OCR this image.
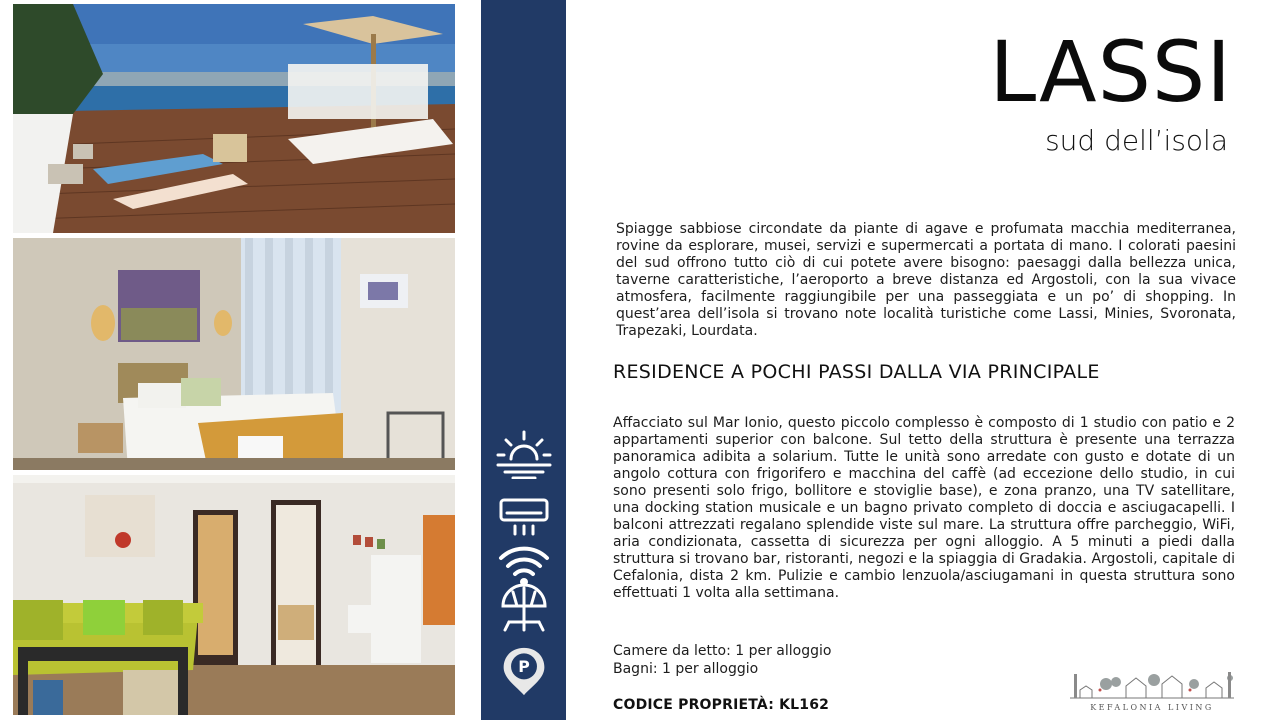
P
LASSI
sud dell’isola

Spiagge sabbiose circondate da piante di agave e profumata macchia mediterranea, rovine da esplorare, musei, servizi e supermercati a portata di mano. I colorati paesini del sud offrono tutto ciò di cui potete avere bisogno: paesaggi dalla bellezza unica, taverne caratteristiche, l’aeroporto a breve distanza ed Argostoli, con la sua vivace atmosfera, facilmente raggiungibile per una passeggiata e un po’ di shopping. In quest’area dell’isola si trovano note località turistiche come Lassi, Minies, Svoronata, Trapezaki, Lourdata.

RESIDENCE A POCHI PASSI DALLA VIA PRINCIPALE

Affacciato sul Mar Ionio, questo piccolo complesso è composto di 1 studio con patio e 2 appartamenti superior con balcone. Sul tetto della struttura è presente una terrazza panoramica adibita a solarium. Tutte le unità sono arredate con gusto e dotate di un angolo cottura con frigorifero e macchina del caffè (ad eccezione dello studio, in cui sono presenti solo frigo, bollitore e stoviglie base), e zona pranzo, una TV satellitare, una docking station musicale e un bagno privato completo di doccia e asciugacapelli. I balconi attrezzati regalano splendide viste sul mare. La struttura offre parcheggio, WiFi, aria condizionata, cassetta di sicurezza per ogni alloggio. A 5 minuti a piedi dalla struttura si trovano bar, ristoranti, negozi e la spiaggia di Gradakia. Argostoli, capitale di Cefalonia, dista 2 km. Pulizie e cambio lenzuola/asciugamani in questa struttura sono effettuati 1 volta alla settimana.

Camere da letto: 1 per alloggio
Bagni: 1 per alloggio
CODICE PROPRIETÀ: KL162	KEFALONIA LIVING
